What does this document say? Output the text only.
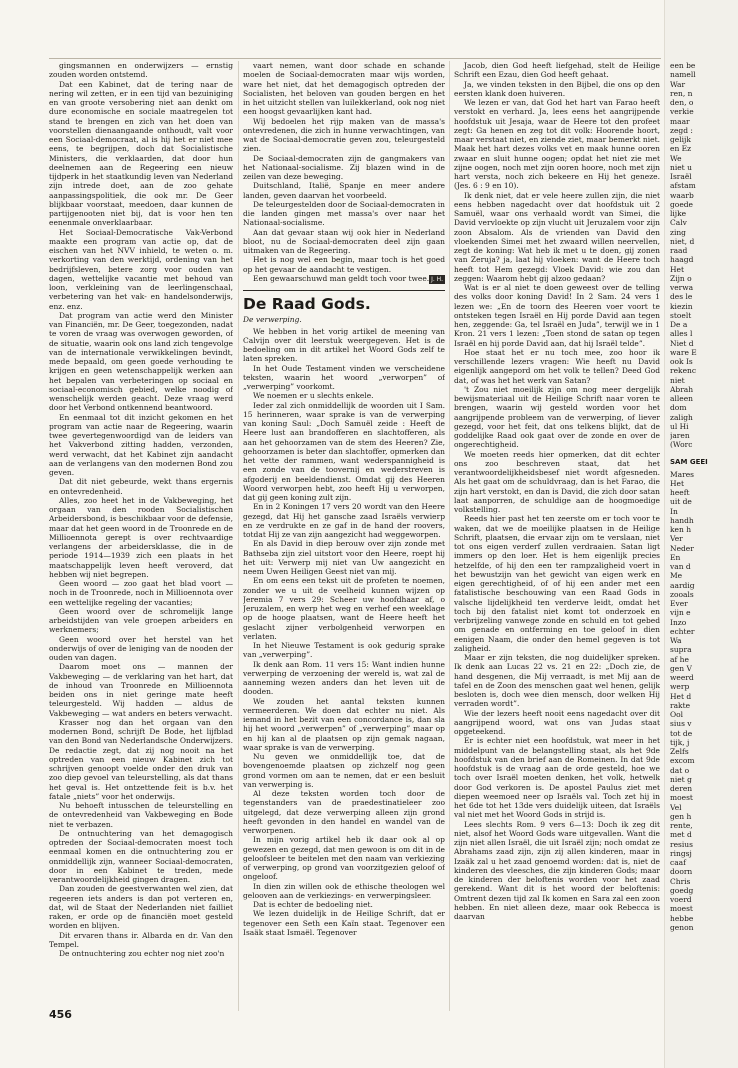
gingsmannen en onderwijzers — ernstig zouden worden ontstemd.

Dat een Kabinet, dat de tering naar de nering wil zetten, er in een tijd van bezuiniging en van groote versobering niet aan denkt om dure economische en sociale maatregelen tot stand te brengen en zich van het doen van voorstellen dienaangaande onthoudt, valt voor een Sociaal-democraat, al is hij het er niet mee eens, te begrijpen, doch dat Socialistische Ministers, die verklaarden, dat door hun deelnemen aan de Regeering een nieuw tijdperk in het staatkundig leven van Nederland zijn intrede doet, aan de zoo gehate aanpassingspolitiek, die ook mr. De Geer blijkbaar voorstaat, meedoen, daar kunnen de partijgenooten niet bij, dat is voor hen ten eenenmale onverklaarbaar.

Het Sociaal-Democratische Vak-Verbond maakte een program van actie op, dat de eischen van het NVV inhield, te weten o. m. verkorting van den werktijd, ordening van het bedrijfsleven, betere zorg voor ouden van dagen, wettelijke vacantie met behoud van loon, verkleining van de leerlingenschaal, verbetering van het vak- en handelsonderwijs, enz. enz.

Dat program van actie werd den Minister van Financiën, mr. De Geer, toegezonden, nadat te voren de vraag was overwogen geworden, of de situatie, waarin ook ons land zich tengevolge van de internationale verwikkelingen bevindt, mede bepaald, om geen goede verhouding te krijgen en geen wetenschappelijk werken aan het bepalen van verbeteringen op sociaal en sociaal-economisch gebied, welke noodig of wenschelijk werden geacht. Deze vraag werd door het Verbond ontkennend beantwoord.

En eenmaal tot dit inzicht gekomen en het program van actie naar de Regeering, waarin twee gevertegenwoordigd van de leiders van het Vakverbond zitting hadden, verzonden, werd verwacht, dat het Kabinet zijn aandacht aan de verlangens van den modernen Bond zou geven.

Dat dit niet gebeurde, wekt thans ergernis en ontevredenheid.

Alles, zoo heet het in de Vakbeweging, het orgaan van den rooden Socialistischen Arbeidersbond, is beschikbaar voor de defensie, maar dat het geen woord in de Troonrede en de Millioennota gerept is over rechtvaardige verlangens der arbeidersklasse, die in de periode 1914—1939 zich een plaats in het maatschappelijk leven heeft veroverd, dat hebben wij niet begrepen.

Geen woord — zoo gaat het blad voort — noch in de Troonrede, noch in Millioennota over een wettelijke regeling der vacanties;

Geen woord over de schromelijk lange arbeidstijden van vele groepen arbeiders en werknemers;

Geen woord over het herstel van het onderwijs of over de leniging van de nooden der ouden van dagen.

Daarom moet ons — mannen der Vakbeweging — de verklaring van het hart, dat de inhoud van Troonrede en Millioennota beiden ons in niet geringe mate heeft teleurgesteld. Wij hadden — aldus de Vakbeweging — wat anders en beters verwacht.

Krasser nog dan het orgaan van den modernen Bond, schrijft De Bode, het lijfblad van den Bond van Nederlandsche Onderwijzers. De redactie zegt, dat zij nog nooit na het optreden van een nieuw Kabinet zich tot schrijven genoopt voelde onder den druk van zoo diep gevoel van teleurstelling, als dat thans het geval is. Het ontzettende feit is b.v. het fatale „niets” voor het onderwijs.

Nu behoeft intusschen de teleurstelling en de ontevredenheid van Vakbeweging en Bode niet te verbazen.

De ontnuchtering van het demagogisch optreden der Sociaal-democraten moest toch eenmaal komen en die ontnuchtering zou er onmiddellijk zijn, wanneer Sociaal-democraten, door in een Kabinet te treden, mede verantwoordelijkheid gingen dragen.

Dan zouden de geestverwanten wel zien, dat regeeren iets anders is dan pot verteren en, dat, wil de Staat der Nederlanden niet failliet raken, er orde op de financiën moet gesteld worden en blijven.

Dit ervaren thans ir. Albarda en dr. Van den Tempel.

De ontnuchtering zou echter nog niet zoo'n

vaart nemen, want door schade en schande moelen de Sociaal-democraten maar wijs worden, ware het niet, dat het demagogisch optreden der Socialisten, het beloven van gouden bergen en het in het uitzicht stellen van luilekkerland, ook nog niet een hoogst gevaarlijken kant had.

Wij bedoelen het rijp maken van de massa's ontevredenen, die zich in hunne verwachtingen, van wat de Sociaal-democratie geven zou, teleurgesteld zien.

De Sociaal-democraten zijn de gangmakers van het Nationaal-socialisme. Zij blazen wind in de zeilen van deze beweging.

Duitschland, Italië, Spanje en meer andere landen, geven daarvan het voorbeeld.

De teleurgestelden door de Sociaal-democraten in die landen gingen met massa's over naar het Nationaal-socialisme.

Aan dat gevaar staan wij ook hier in Nederland bloot, nu de Sociaal-democraten deel zijn gaan uitmaken van de Regeering.

Het is nog wel een begin, maar toch is het goed op het gevaar de aandacht te vestigen.

Een gewaarschuwd man geldt toch voor twee. J. H.
De Raad Gods.
De verwerping.

We hebben in het vorig artikel de meening van Calvijn over dit leerstuk weergegeven. Het is de bedoeling om in dit artikel het Woord Gods zelf te laten spreken.

In het Oude Testament vinden we verscheidene teksten, waarin het woord „verworpen” of „verwerping” voorkomt.

We noemen er u slechts enkele.

Ieder zal zich onmiddellijk de woorden uit I Sam. 15 herinneren, waar sprake is van de verwerping van koning Saul: „Doch Samuël zeide : Heeft de Heere lust aan brandofferen en slachtofferen, als aan het gehoorzamen van de stem des Heeren? Zie, gehoorzamen is beter dan slachtoffer, opmerken dan het vette der rammen, want wederspannigheid is een zonde van de toovernij en wederstreven is afgoderij en beeldendienst. Omdat gij des Heeren Woord verworpen hebt, zoo heeft Hij u verworpen, dat gij geen koning zult zijn.

En in 2 Koningen 17 vers 20 wordt van den Heere gezegd, dat Hij het gansche zaad Israëls verwierp en ze verdrukte en ze gaf in de hand der roovers, totdat Hij ze van zijn aangezicht had weggeworpen.

En als David in diep berouw over zijn zonde met Bathseba zijn ziel uitstort voor den Heere, roept hij het uit: Verwerp mij niet van Uw aangezicht en neem Uwen Heiligen Geest niet van mij.

En om eens een tekst uit de profeten te noemen, zonder we u uit de veelheid kunnen wijzen op Jeremia 7 vers 29: Scheer uw hoofdhaar af, o Jeruzalem, en werp het weg en verhef een weeklage op de hooge plaatsen, want de Heere heeft het geslacht zijner verbolgenheid verworpen en verlaten.

In het Nieuwe Testament is ook gedurig sprake van „verwerping”.

Ik denk aan Rom. 11 vers 15: Want indien hunne verwerping de verzoening der wereld is, wat zal de aanneming wezen anders dan het leven uit de dooden.

We zouden het aantal teksten kunnen vermeerderen. We doen dat echter nu niet. Als iemand in het bezit van een concordance is, dan sla hij het woord „verwerpen” of „verwerping” maar op en hij kan al de plaatsen op zijn gemak nagaan, waar sprake is van de verwerping.

Nu geven we onmiddellijk toe, dat de bovengenoemde plaatsen op zichzelf nog geen grond vormen om aan te nemen, dat er een besluit van verwerping is.

Al deze teksten worden toch door de tegenstanders van de praedestinatieleer zoo uitgelegd, dat deze verwerping alleen zijn grond heeft gevonden in den handel en wandel van de verworpenen.

In mijn vorig artikel heb ik daar ook al op gewezen en gezegd, dat men gewoon is om dit in de geloofsleer te beitelen met den naam van verkiezing of verwerping, op grond van voorzitgezien geloof of ongeloof.

In dien zin willen ook de ethische theologen wel gelooven aan de verkiezings- en verwerpingsleer.

Dat is echter de bedoeling niet.

We lezen duidelijk in de Heilige Schrift, dat er tegenover een Seth een Kaïn staat. Tegenover een Isaäk staat Ismaël. Tegenover

Jacob, dien God heeft liefgehad, stelt de Heilige Schrift een Ezau, dien God heeft gehaat.

Ja, we vinden teksten in den Bijbel, die ons op den eersten klank doen huiveren.

We lezen er van, dat God het hart van Farao heeft verstokt en verhard. Ja, lees eens het aangrijpende hoofdstuk uit Jesaja, waar de Heere tot den profeet zegt: Ga henen en zeg tot dit volk: Hoorende hoort, maar verstaat niet, en ziende ziet, maar bemerkt niet. Maak het hart dezes volks vet en maak hunne ooren zwaar en sluit hunne oogen; opdat het niet zie met zijne oogen, noch met zijn ooren hoore, noch met zijn hart versta, noch zich bekeere en Hij het geneze. (Jes. 6 : 9 en 10).

Ik denk niet, dat er vele heere zullen zijn, die niet eens hebben nagedacht over dat hoofdstuk uit 2 Samuël, waar ons verhaald wordt van Simei, die David vervloekte op zijn vlucht uit Jeruzalem voor zijn zoon Absalom. Als de vrienden van David den vloekenden Simei met het zwaard willen neervellen, zegt de koning: Wat heb ik met u te doen, gij zonen van Zeruja? ja, laat hij vloeken: want de Heere toch heeft tot Hem gezegd: Vloek David: wie zou dan zeggen: Waarom hebt gij alzoo gedaan?

Wat is er al niet te doen geweest over de telling des volks door koning David! In 2 Sam. 24 vers 1 lezen we: „En de toorn des Heeren voer voort te ontsteken tegen Israël en Hij porde David aan tegen hen, zeggende: Ga, tel Israël en Juda”, terwijl we in 1 Kron. 21 vers 1 lezen: „Toen stond de satan op tegen Israël en hij porde David aan, dat hij Israël telde”.

Hoe staat het er nu toch mee, zoo hoor ik verschillende lezers vragen: Wie heeft nu David eigenlijk aangepord om het volk te tellen? Deed God dat, of was het het werk van Satan?

't Zou niet moeilijk zijn om nog meer dergelijk bewijsmateriaal uit de Heilige Schrift naar voren te brengen, waarin wij gesteld worden voor het aangrijpende probleem van de verwerping, of liever gezegd, voor het feit, dat ons telkens blijkt, dat de goddelijke Raad ook gaat over de zonde en over de ongerechtigheid.

We moeten reeds hier opmerken, dat dit echter ons zoo beschreven staat, dat het verantwoordelijkheidsbesef niet wordt afgesneden. Als het gaat om de schuldvraag, dan is het Farao, die zijn hart verstokt, en dan is David, die zich door satan laat aanporren, de schuldige aan de hoogmoedige volkstelling.

Reeds hier past het ten zeerste om er toch voor te waken, dat we de moeilijke plaatsen in de Heilige Schrift, plaatsen, die ervaar zijn om te verslaan, niet tot ons eigen verderf zullen verdraaien. Satan ligt immers op den loer. Het is hem eigenlijk precies hetzelfde, of hij den een ter rampzaligheid voert in het bewustzijn van het gewicht van eigen werk en eigen gerechtigheid, of of hij een ander met een fatalistische beschouwing van een Raad Gods in valsche lijdelijkheid ten verderve leidt, omdat het toch bij den fatalist niet komt tot onderzoek en verbrijzeling vanwege zonde en schuld en tot gebed om genade en ontferming en toe geloof in dien eenigen Naam, die onder den hemel gegeven is tot zaligheid.

Maar er zijn teksten, die nog duidelijker spreken. Ik denk aan Lucas 22 vs. 21 en 22: „Doch zie, de hand desgenen, die Mij verraadt, is met Mij aan de tafel en de Zoon des menschen gaat wel henen, gelijk besloten is, doch wee dien mensch, door welken Hij verraden wordt”.

Wie der lezers heeft nooit eens nagedacht over dit aangrijpend woord, wat ons van Judas staat opgeteekend.

Er is echter niet een hoofdstuk, wat meer in het middelpunt van de belangstelling staat, als het 9de hoofdstuk van den brief aan de Romeinen. In dat 9de hoofdstuk is de vraag aan de orde gesteld, hoe we toch over Israël moeten denken, het volk, hetwelk door God verkoren is. De apostel Paulus ziet met diepen weemoed neer op Israëls val. Toch zet hij in het 6de tot het 13de vers duidelijk uiteen, dat Israëls val niet met het Woord Gods in strijd is.

Lees slechts Rom. 9 vers 6—13: Doch ik zeg dit niet, alsof het Woord Gods ware uitgevallen. Want die zijn niet allen Israël, die uit Israël zijn; noch omdat ze Abrahams zaad zijn, zijn zij allen kinderen, maar in Izaäk zal u het zaad genoemd worden: dat is, niet de kinderen des vleesches, die zijn kinderen Gods; maar de kinderen der beloftenis worden voor het zaad gerekend. Want dit is het woord der beloftenis: Omtrent dezen tijd zal Ik komen en Sara zal een zoon hebben. En niet alleen deze, maar ook Rebecca is daarvan

een be
namell
War
ren, n
den, o
verkie
maar
zegd :
gelijk
en Ez
We
niet u
Israël
afstam
waarb
goede
lijke
Calv
zing
niet, d
raad
haagd
Het
Zijn o
verwa
des le
kiezin
stoelt
De a
alles l
Niet d
ware E
ook Is
rekenc
niet
Abrah
alleen
dom
zaligh
ul Hi
jaren
(Worc
SAM GEEI
Mares
Het
heeft
uit de
In
handh
ken h
Ver
Neder
En
van d
Me
aardig
zooals
Ever
vijn e
Inzo
echter
Wa
supra
af he
gen V
weerd
werp
Het d
rakte
Ool
sius v
tot de
tijk, j
Zelfs
excom
dat o
niet g
deren
moest
Vel
gen h
rente,
met d
resius
ringsj
caaf
doorn
Chris
goedg
voerd
moest
hebbe
genon
456
